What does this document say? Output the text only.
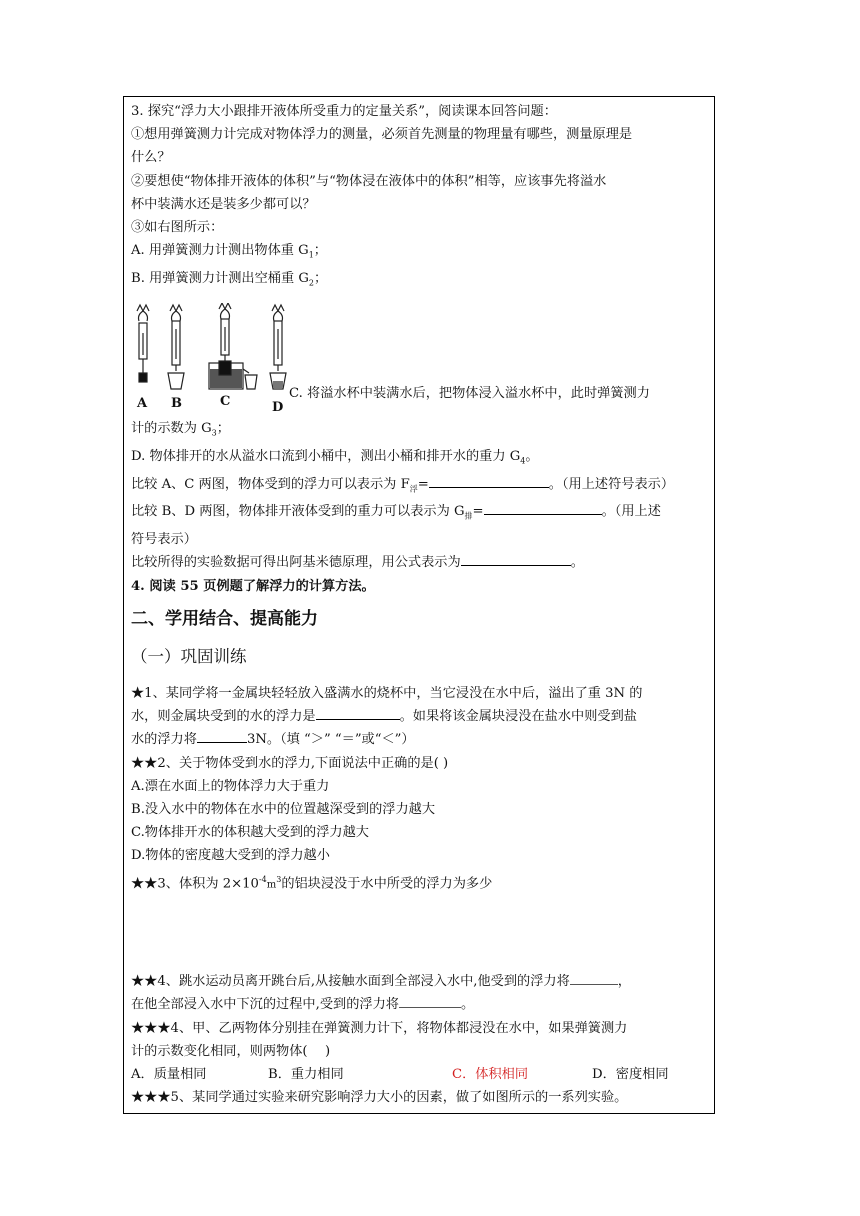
3. 探究“浮力大小跟排开液体所受重力的定量关系”，阅读课本回答问题：

①想用弹簧测力计完成对物体浮力的测量，必须首先测量的物理量有哪些，测量原理是

什么？

②要想使“物体排开液体的体积”与“物体浸在液体中的体积”相等，应该事先将溢水

杯中装满水还是装多少都可以？

③如右图所示：

A. 用弹簧测力计测出物体重 $G_1$；

B. 用弹簧测力计测出空桶重 $G_2$；

A B	C	D
C. 将溢水杯中装满水后，把物体浸入溢水杯中，此时弹簧测力

计的示数为 $G_3$；

D. 物体排开的水从溢水口流到小桶中，测出小桶和排开水的重力 $G_4$。

比较 A、C 两图，物体受到的浮力可以表示为 $F_浮=$	。（用上述符号表示）

比较 B、D 两图，物体排开液体受到的重力可以表示为 $G_排=$	。（用上述

符号表示）

比较所得的实验数据可得出阿基米德原理，用公式表示为	。

4. 阅读 55 页例题了解浮力的计算方法。

二、学用结合、提高能力

（一）巩固训练

★1、某同学将一金属块轻轻放入盛满水的烧杯中，当它浸没在水中后，溢出了重 3N 的

水，则金属块受到的水的浮力是	。如果将该金属块浸没在盐水中则受到盐

水的浮力将	3N。（填 “＞” “＝”或“＜”）

★★2、关于物体受到水的浮力,下面说法中正确的是( )

A.漂在水面上的物体浮力大于重力

B.没入水中的物体在水中的位置越深受到的浮力越大

C.物体排开水的体积越大受到的浮力越大

D.物体的密度越大受到的浮力越小

★★3、体积为 $2\times 10^{-4}m^3$的铝块浸没于水中所受的浮力为多少

★★4、跳水运动员离开跳台后,从接触水面到全部浸入水中,他受到的浮力将	，

在他全部浸入水中下沉的过程中,受到的浮力将	。

★★★4、甲、乙两物体分别挂在弹簧测力计下，将物体都浸没在水中，如果弹簧测力

计的示数变化相同，则两物体(　 )

A．质量相同	B．重力相同	C．体积相同	D．密度相同

★★★5、某同学通过实验来研究影响浮力大小的因素，做了如图所示的一系列实验。
